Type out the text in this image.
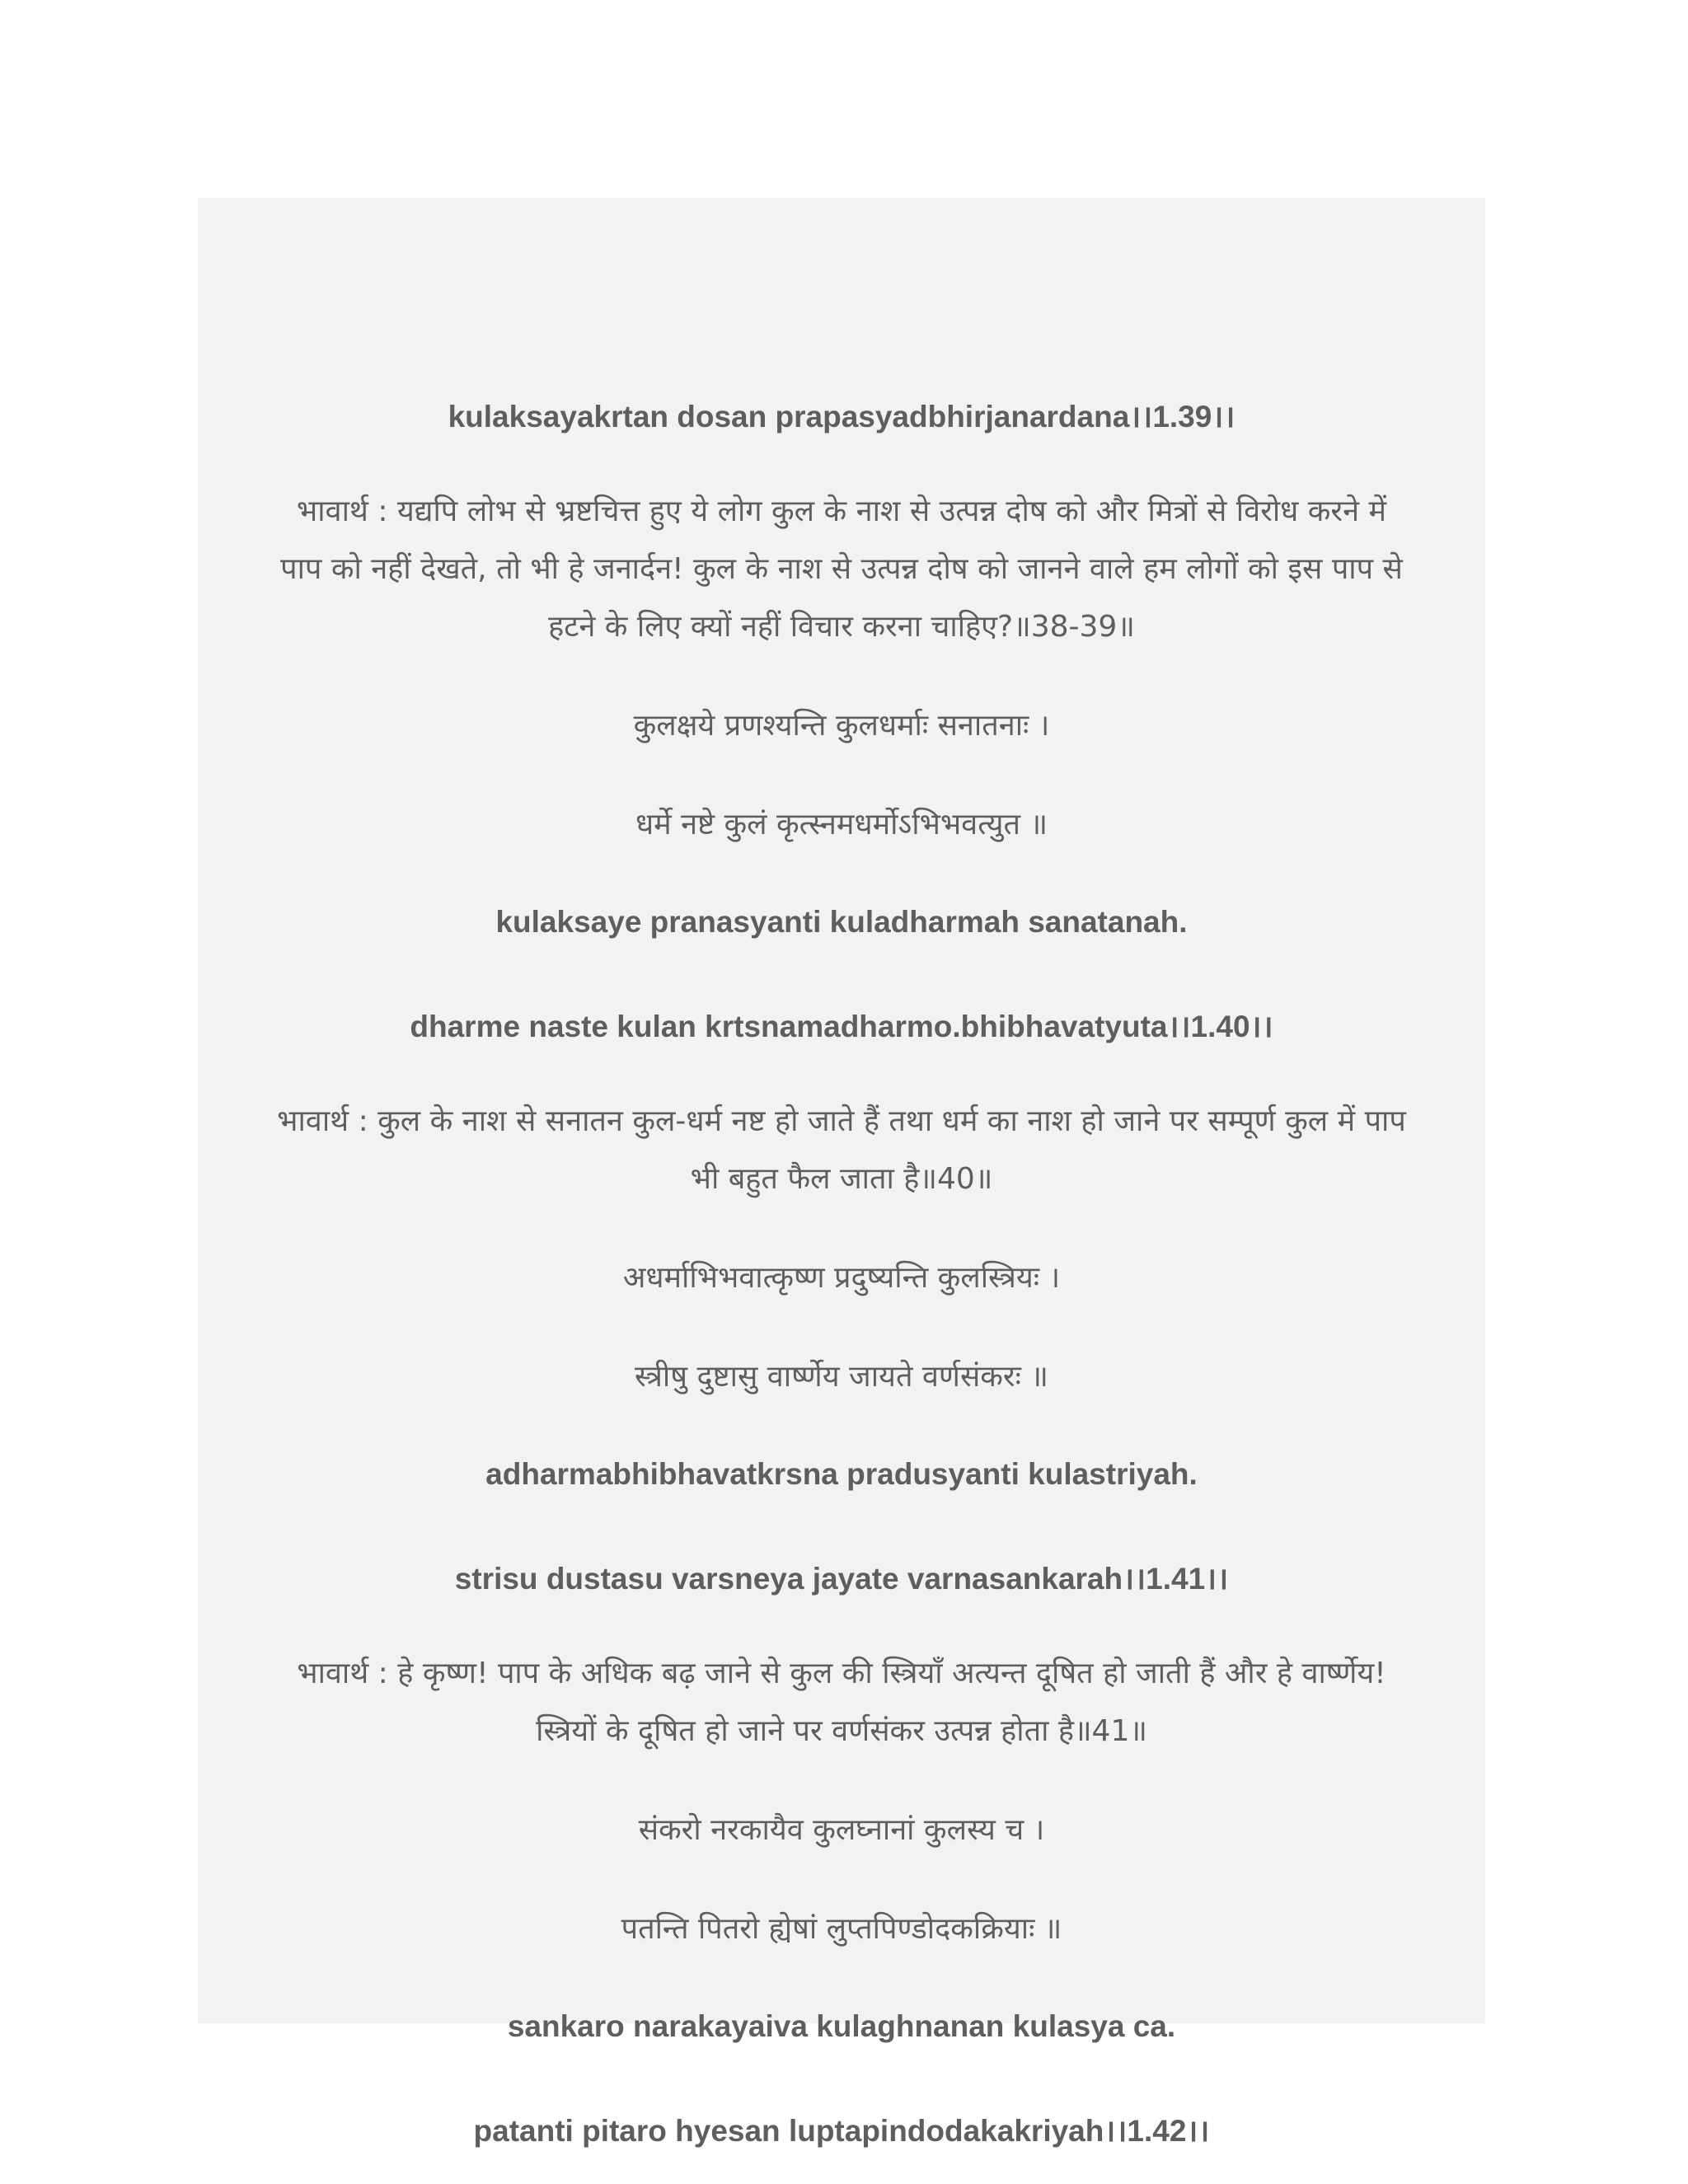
kulaksayakrtan dosan prapasyadbhirjanardana।।1.39।।
भावार्थ : यद्यपि लोभ से भ्रष्टचित्त हुए ये लोग कुल के नाश से उत्पन्न दोष को और मित्रों से विरोध करने में
पाप को नहीं देखते, तो भी हे जनार्दन! कुल के नाश से उत्पन्न दोष को जानने वाले हम लोगों को इस पाप से
हटने के लिए क्यों नहीं विचार करना चाहिए?॥38-39॥
कुलक्षये प्रणश्यन्ति कुलधर्माः सनातनाः ।
धर्मे नष्टे कुलं कृत्स्नमधर्मोऽभिभवत्युत ॥
kulaksaye pranasyanti kuladharmah sanatanah.
dharme naste kulan krtsnamadharmo.bhibhavatyuta।।1.40।।
भावार्थ : कुल के नाश से सनातन कुल-धर्म नष्ट हो जाते हैं तथा धर्म का नाश हो जाने पर सम्पूर्ण कुल में पाप
भी बहुत फैल जाता है॥40॥
अधर्माभिभवात्कृष्ण प्रदुष्यन्ति कुलस्त्रियः ।
स्त्रीषु दुष्टासु वार्ष्णेय जायते वर्णसंकरः ॥
adharmabhibhavatkrsna pradusyanti kulastriyah.
strisu dustasu varsneya jayate varnasankarah।।1.41।।
भावार्थ : हे कृष्ण! पाप के अधिक बढ़ जाने से कुल की स्त्रियाँ अत्यन्त दूषित हो जाती हैं और हे वार्ष्णेय!
स्त्रियों के दूषित हो जाने पर वर्णसंकर उत्पन्न होता है॥41॥
संकरो नरकायैव कुलघ्नानां कुलस्य च ।
पतन्ति पितरो ह्येषां लुप्तपिण्डोदकक्रियाः ॥
sankaro narakayaiva kulaghnanan kulasya ca.
patanti pitaro hyesan luptapindodakakriyah।।1.42।।
